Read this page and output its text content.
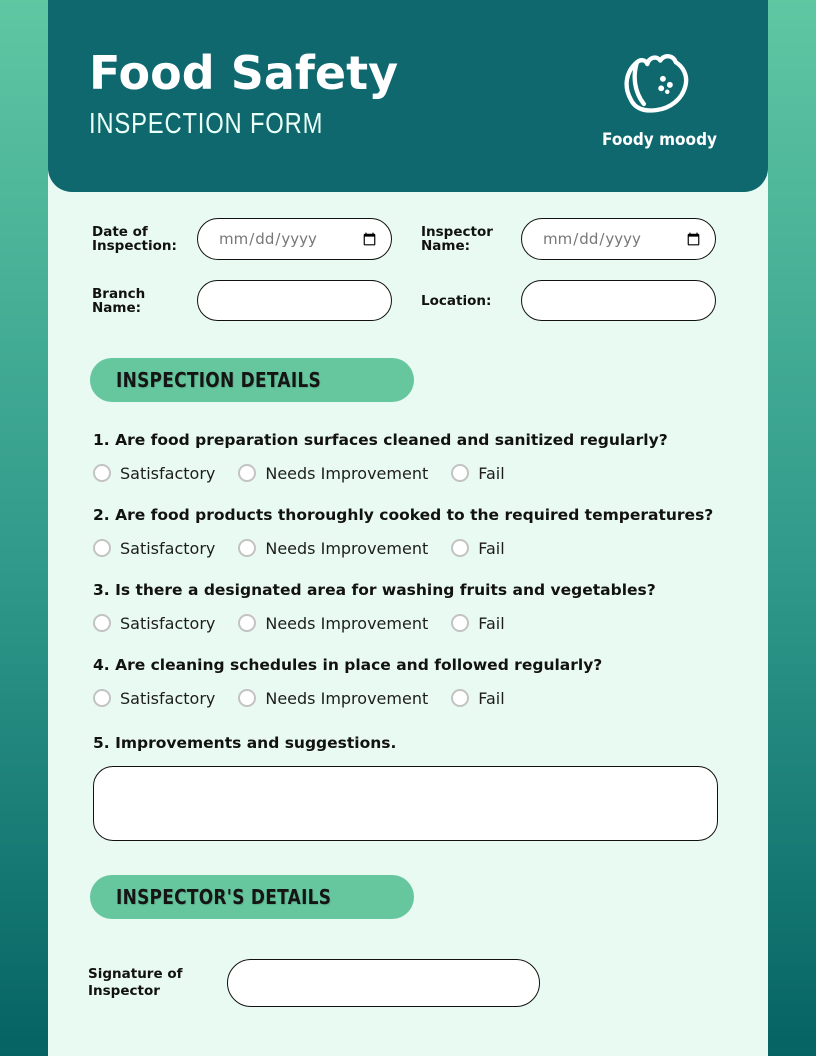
Food Safety
INSPECTION FORM	Foody moody
Date of Inspection:
Inspector Name:
Branch Name:	Location:
INSPECTION DETAILS
1. Are food preparation surfaces cleaned and sanitized regularly?
Satisfactory	Needs Improvement	Fail
2. Are food products thoroughly cooked to the required temperatures?
Satisfactory	Needs Improvement	Fail
3. Is there a designated area for washing fruits and vegetables?
Satisfactory	Needs Improvement	Fail
4. Are cleaning schedules in place and followed regularly?
Satisfactory	Needs Improvement	Fail
5. Improvements and suggestions.
INSPECTOR'S DETAILS
Signature of Inspector
